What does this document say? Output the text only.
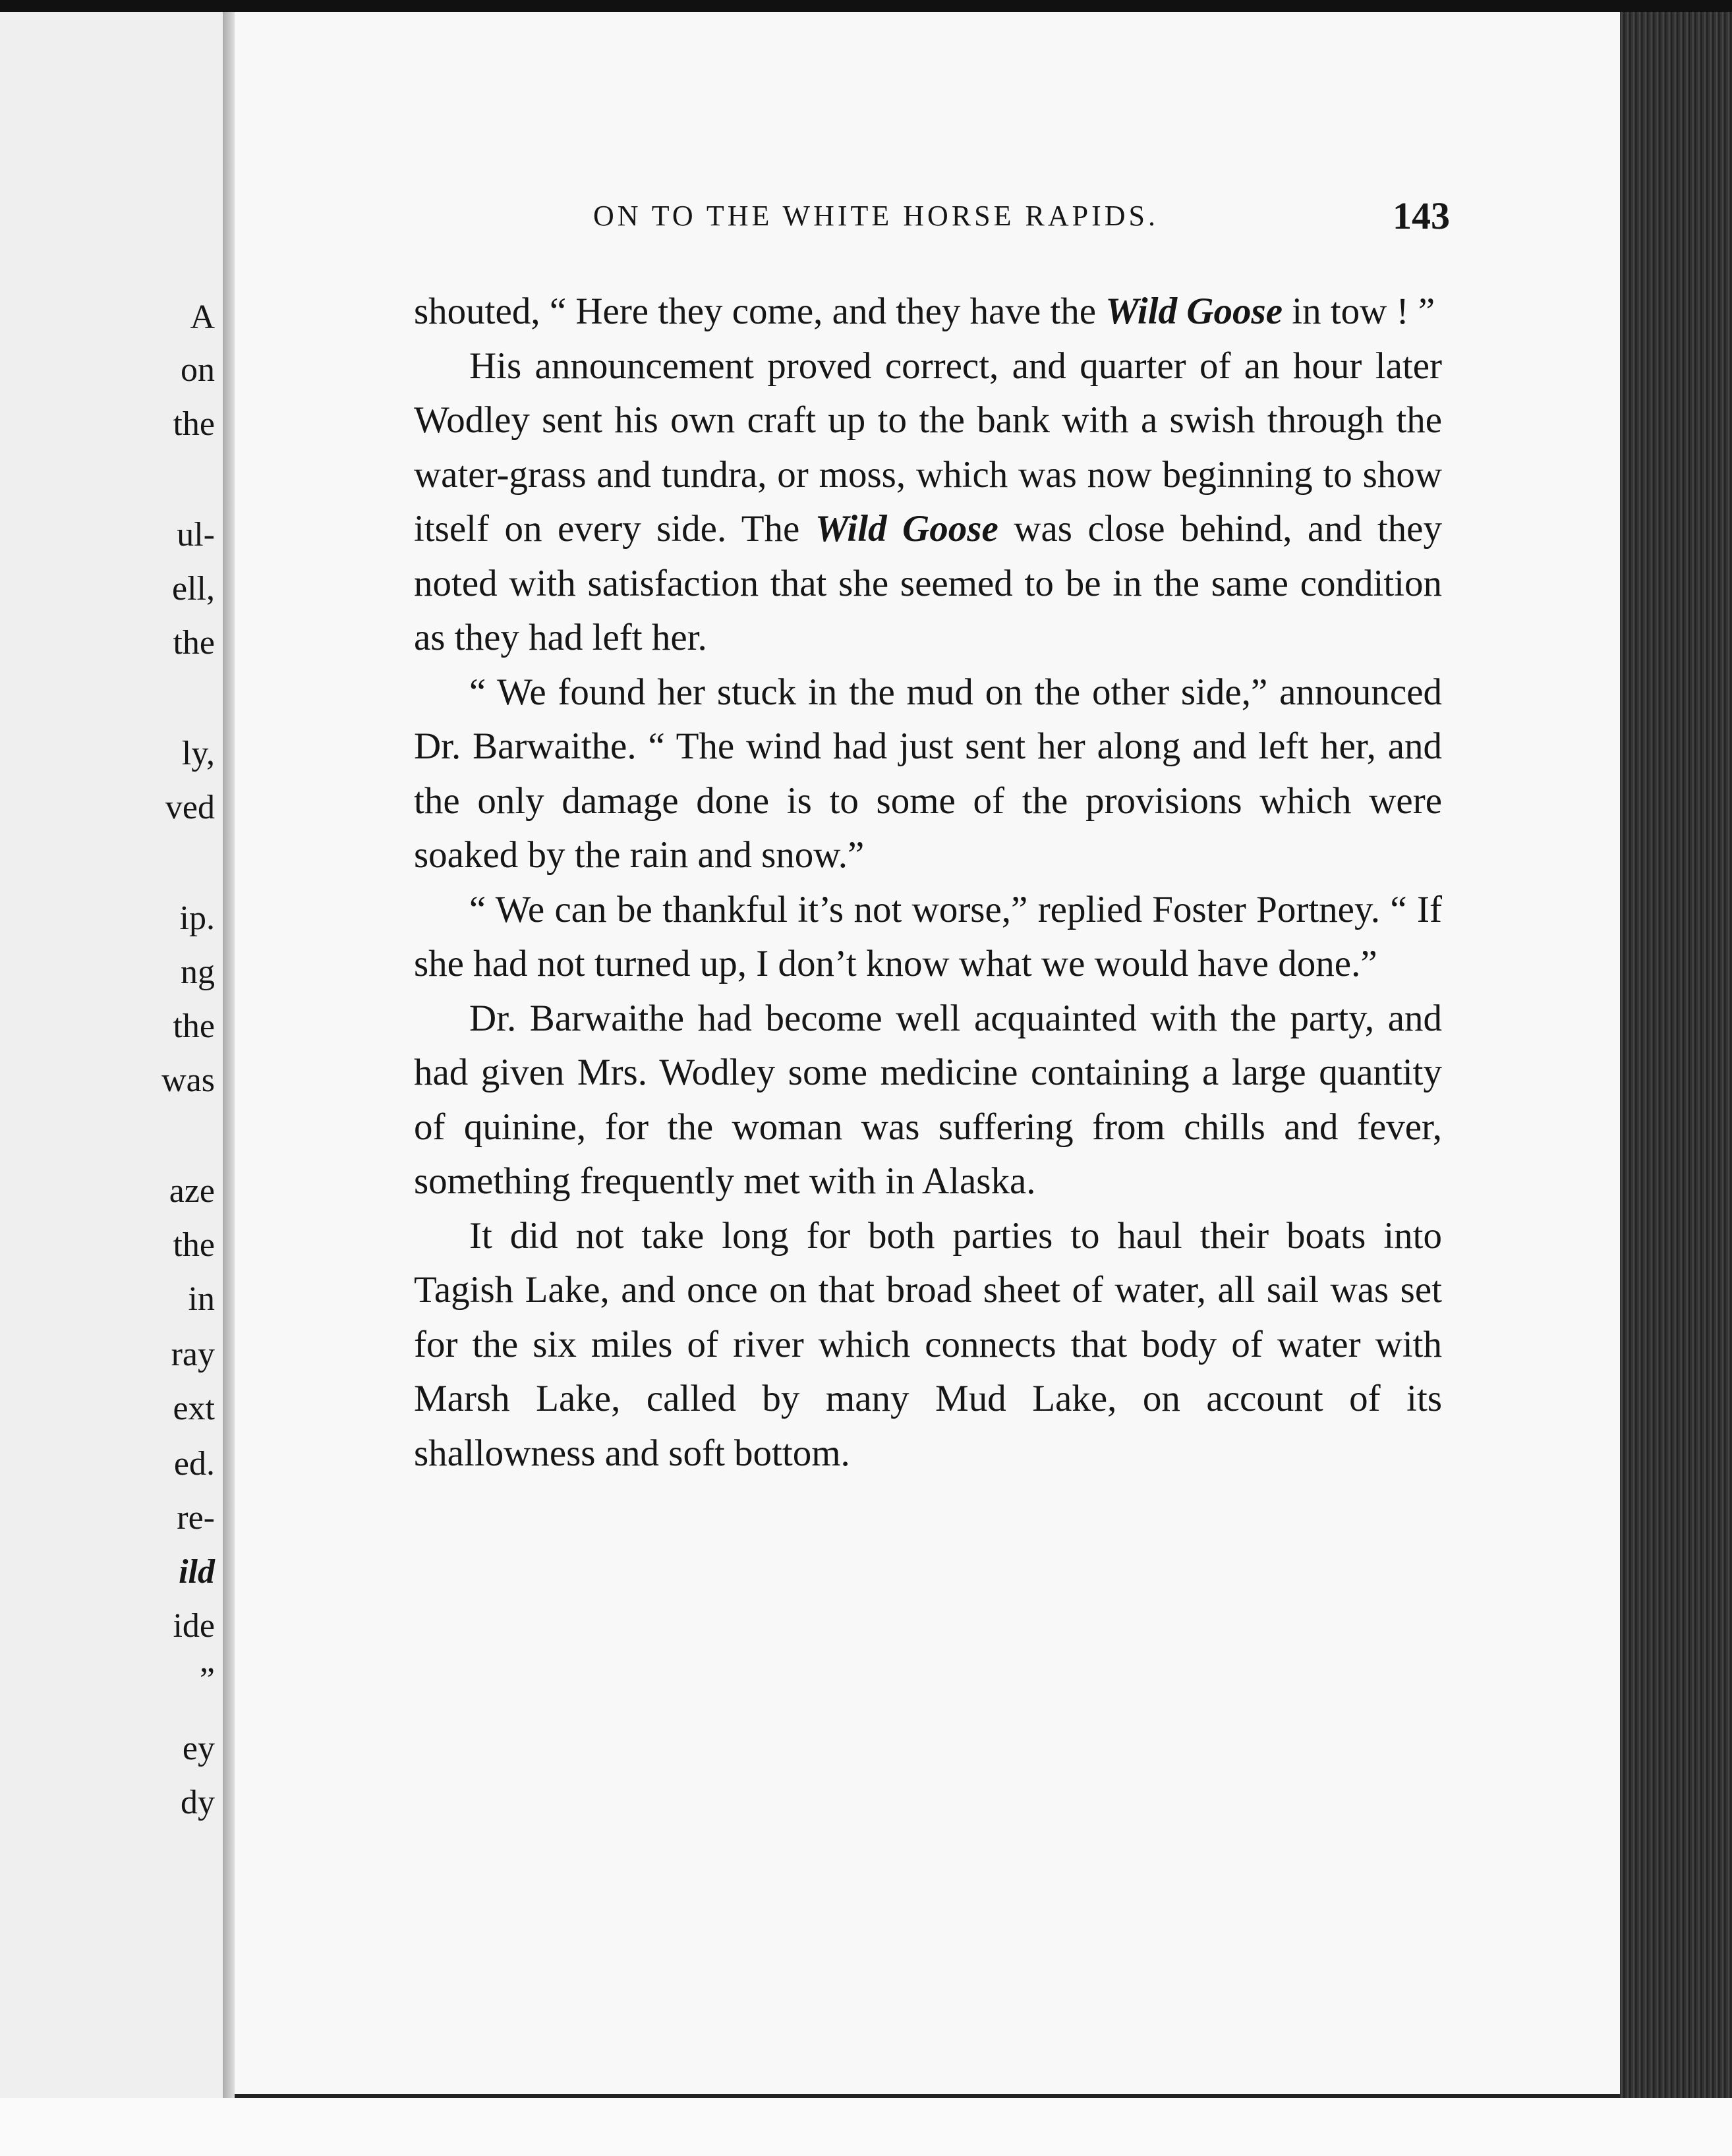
A
on
the
ul-
ell,
the
ly,
ved
ip.
ng
the
was
aze
the
in
ray
ext
ed.
re-
ild
ide
”
ey
dy
ON TO THE WHITE HORSE RAPIDS.	143

shouted, “ Here they come, and they have the Wild Goose in tow ! ”

His announcement proved correct, and quarter of an hour later Wodley sent his own craft up to the bank with a swish through the water-grass and tundra, or moss, which was now beginning to show itself on every side. The Wild Goose was close behind, and they noted with satisfaction that she seemed to be in the same condition as they had left her.

“ We found her stuck in the mud on the other side,” announced Dr. Barwaithe. “ The wind had just sent her along and left her, and the only damage done is to some of the provisions which were soaked by the rain and snow.”

“ We can be thankful it’s not worse,” replied Foster Portney. “ If she had not turned up, I don’t know what we would have done.”

Dr. Barwaithe had become well acquainted with the party, and had given Mrs. Wodley some medicine containing a large quantity of quinine, for the woman was suffering from chills and fever, something frequently met with in Alaska.

It did not take long for both parties to haul their boats into Tagish Lake, and once on that broad sheet of water, all sail was set for the six miles of river which connects that body of water with Marsh Lake, called by many Mud Lake, on account of its shallowness and soft bottom.
